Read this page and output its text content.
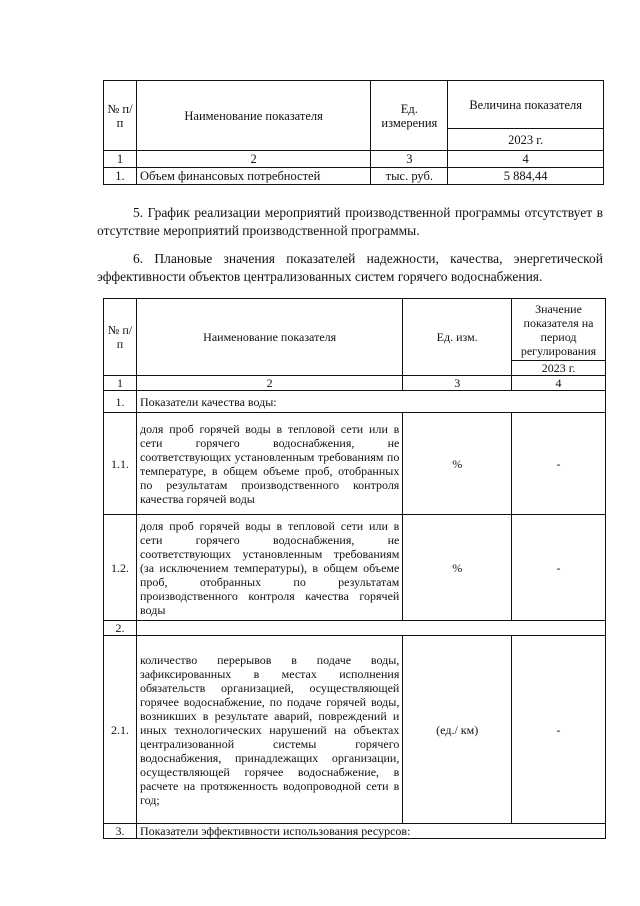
№ п/п	Наименование показателя	Ед. измерения	Величина показателя
			2023 г.
1	2	3	4
1.	Объем финансовых потребностей	тыс. руб.	5 884,44
5. График реализации мероприятий производственной программы отсутствует в отсутствие мероприятий производственной программы.
6. Плановые значения показателей надежности, качества, энергетической эффективности объектов централизованных систем горячего водоснабжения.
№ п/п	Наименование показателя	Ед. изм.	Значение показателя на период регулирования
			2023 г.
1	2	3	4
1.	Показатели качества воды:		
1.1.	доля проб горячей воды в тепловой сети или в сети горячего водоснабжения, не соответствующих установленным требованиям по температуре, в общем объеме проб, отобранных по результатам производственного контроля качества горячей воды	%	-
1.2.	доля проб горячей воды в тепловой сети или в сети горячего водоснабжения, не соответствующих установленным требованиям (за исключением температуры), в общем объеме проб, отобранных по результатам производственного контроля качества горячей воды	%	-
2.			
2.1.	количество перерывов в подаче воды, зафиксированных в местах исполнения обязательств организацией, осуществляющей горячее водоснабжение, по подаче горячей воды, возникших в результате аварий, повреждений и иных технологических нарушений на объектах централизованной системы горячего водоснабжения, принадлежащих организации, осуществляющей горячее водоснабжение, в расчете на протяженность водопроводной сети в год;	(ед./ км)	-
3.	Показатели эффективности использования ресурсов:		
